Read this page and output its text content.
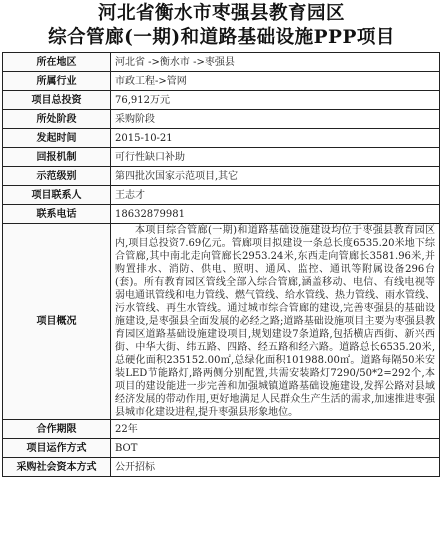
河北省衡水市枣强县教育园区
综合管廊(一期)和道路基础设施PPP项目
所在地区	河北省 ->衡水市 ->枣强县
所属行业	市政工程->管网
项目总投资	76,912万元
所处阶段	采购阶段
发起时间	2015-10-21
回报机制	可行性缺口补助
示范级别	第四批次国家示范项目,其它
项目联系人	王志才
联系电话	18632879981
项目概况	本项目综合管廊(一期)和道路基础设施建设均位于枣强县教育园区内,项目总投资7.69亿元。管廊项目拟建设一条总长度6535.20米地下综合管廊,其中南北走向管廊长2953.24米,东西走向管廊长3581.96米,并购置排水、消防、供电、照明、通风、监控、通讯等附属设备296台(套)。所有教育园区管线全部入综合管廊,涵盖移动、电信、有线电视等弱电通讯管线和电力管线、燃气管线、给水管线、热力管线、雨水管线、污水管线、再生水管线。通过城市综合管廊的建设,完善枣强县的基础设施建设,是枣强县全面发展的必经之路;道路基础设施项目主要为枣强县教育园区道路基础设施建设项目,规划建设7条道路,包括横店西街、新兴西街、中华大街、纬五路、四路、经五路和经六路。道路总长6535.20米,总硬化面积235152.00㎡,总绿化面积101988.00㎡。道路每隔50米安装LED节能路灯,路两侧分别配置,共需安装路灯7290/50*2=292个,本项目的建设能进一步完善和加强城镇道路基础设施建设,发挥公路对县域经济发展的带动作用,更好地满足人民群众生产生活的需求,加速推进枣强县城市化建设进程,提升枣强县形象地位。
合作期限	22年
项目运作方式	BOT
采购社会资本方式	公开招标
